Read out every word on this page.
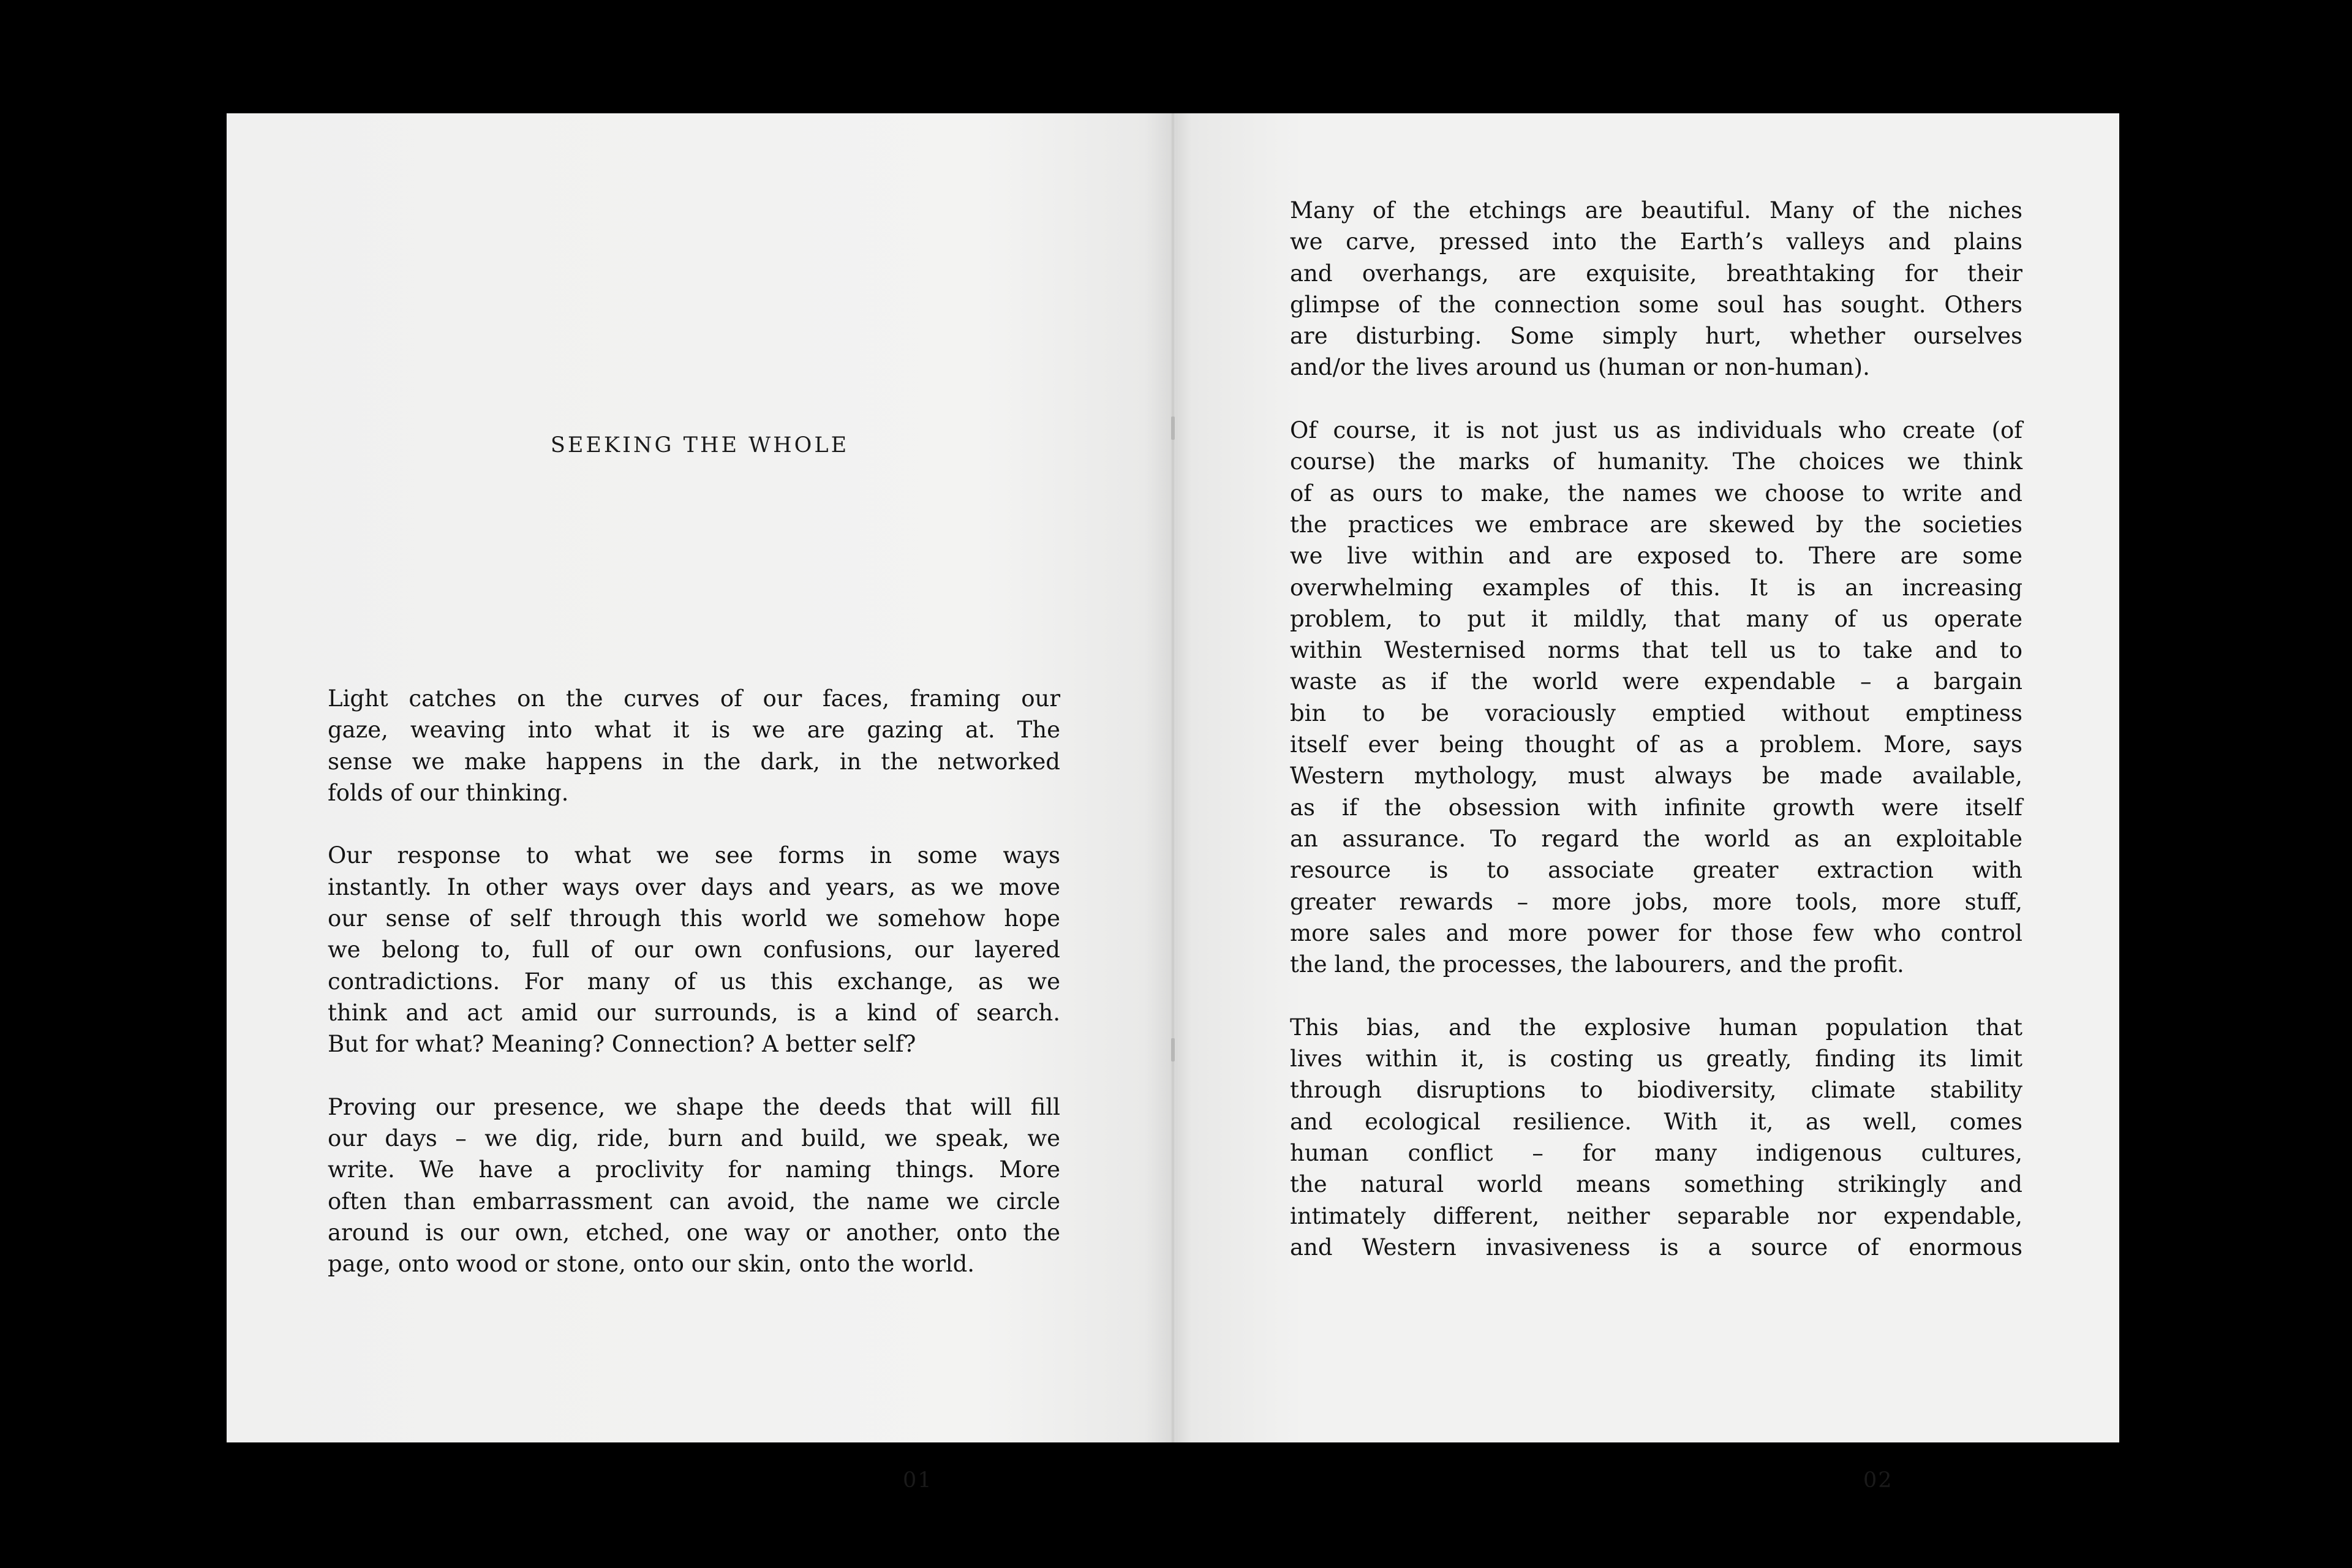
SEEKING THE WHOLE

Light catches on the curves of our faces, framing our
gaze, weaving into what it is we are gazing at. The
sense we make happens in the dark, in the networked
folds of our thinking.

Our response to what we see forms in some ways
instantly. In other ways over days and years, as we move
our sense of self through this world we somehow hope
we belong to, full of our own confusions, our layered
contradictions. For many of us this exchange, as we
think and act amid our surrounds, is a kind of search.
But for what? Meaning? Connection? A better self?

Proving our presence, we shape the deeds that will fill
our days – we dig, ride, burn and build, we speak, we
write. We have a proclivity for naming things. More
often than embarrassment can avoid, the name we circle
around is our own, etched, one way or another, onto the
page, onto wood or stone, onto our skin, onto the world.

01	02

Many of the etchings are beautiful. Many of the niches
we carve, pressed into the Earth’s valleys and plains
and overhangs, are exquisite, breathtaking for their
glimpse of the connection some soul has sought. Others
are disturbing. Some simply hurt, whether ourselves
and/or the lives around us (human or non-human).

Of course, it is not just us as individuals who create (of
course) the marks of humanity. The choices we think
of as ours to make, the names we choose to write and
the practices we embrace are skewed by the societies
we live within and are exposed to. There are some
overwhelming examples of this. It is an increasing
problem, to put it mildly, that many of us operate
within Westernised norms that tell us to take and to
waste as if the world were expendable – a bargain
bin to be voraciously emptied without emptiness
itself ever being thought of as a problem. More, says
Western mythology, must always be made available,
as if the obsession with infinite growth were itself
an assurance. To regard the world as an exploitable
resource is to associate greater extraction with
greater rewards – more jobs, more tools, more stuff,
more sales and more power for those few who control
the land, the processes, the labourers, and the profit.

This bias, and the explosive human population that
lives within it, is costing us greatly, finding its limit
through disruptions to biodiversity, climate stability
and ecological resilience. With it, as well, comes
human conflict – for many indigenous cultures,
the natural world means something strikingly and
intimately different, neither separable nor expendable,
and Western invasiveness is a source of enormous
